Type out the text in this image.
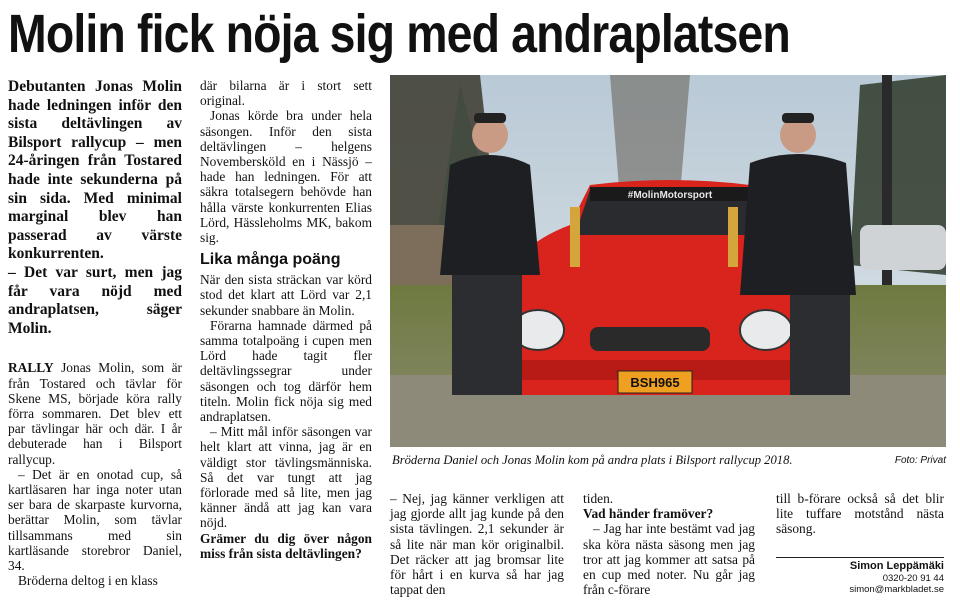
Molin fick nöja sig med andraplatsen

Debutanten Jonas Molin hade ledningen inför den sista deltävlingen av Bilsport rallycup – men 24-åringen från Tostared hade inte sekunderna på sin sida. Med minimal marginal blev han passerad av värste konkurrenten.

– Det var surt, men jag får vara nöjd med andraplatsen, säger Molin.

RALLY Jonas Molin, som är från Tostared och tävlar för Skene MS, började köra rally förra sommaren. Det blev ett par tävlingar här och där. I år debuterade han i Bilsport rallycup.

– Det är en onotad cup, så kartläsaren har inga noter utan ser bara de skarpaste kurvorna, berättar Molin, som tävlar tillsammans med sin kartläsande storebror Daniel, 34.

Bröderna deltog i en klass

där bilarna är i stort sett original.

Jonas körde bra under hela säsongen. Inför den sista deltävlingen – helgens Novembersköld en i Nässjö – hade han ledningen. För att säkra totalsegern behövde han hålla värste konkurrenten Elias Lörd, Hässleholms MK, bakom sig.

Lika många poäng

När den sista sträckan var körd stod det klart att Lörd var 2,1 sekunder snabbare än Molin.

Förarna hamnade därmed på samma totalpoäng i cupen men Lörd hade tagit fler deltävlingssegrar under säsongen och tog därför hem titeln. Molin fick nöja sig med andraplatsen.

– Mitt mål inför säsongen var helt klart att vinna, jag är en väldigt stor tävlingsmänniska. Så det var tungt att jag förlorade med så lite, men jag känner ändå att jag kan vara nöjd.

Grämer du dig över någon miss från sista deltävlingen?

#MolinMotorsport
BSH965
Bröderna Daniel och Jonas Molin kom på andra plats i Bilsport rallycup 2018.	Foto: Privat

– Nej, jag känner verkligen att jag gjorde allt jag kunde på den sista tävlingen. 2,1 sekunder är så lite när man kör originalbil. Det räcker att jag bromsar lite för hårt i en kurva så har jag tappat den

tiden.

Vad händer framöver?

– Jag har inte bestämt vad jag ska köra nästa säsong men jag tror att jag kommer att satsa på en cup med noter. Nu går jag från c-förare

till b-förare också så det blir lite tuffare motstånd nästa säsong.

Simon Leppämäki
0320-20 91 44
simon@markbladet.se
